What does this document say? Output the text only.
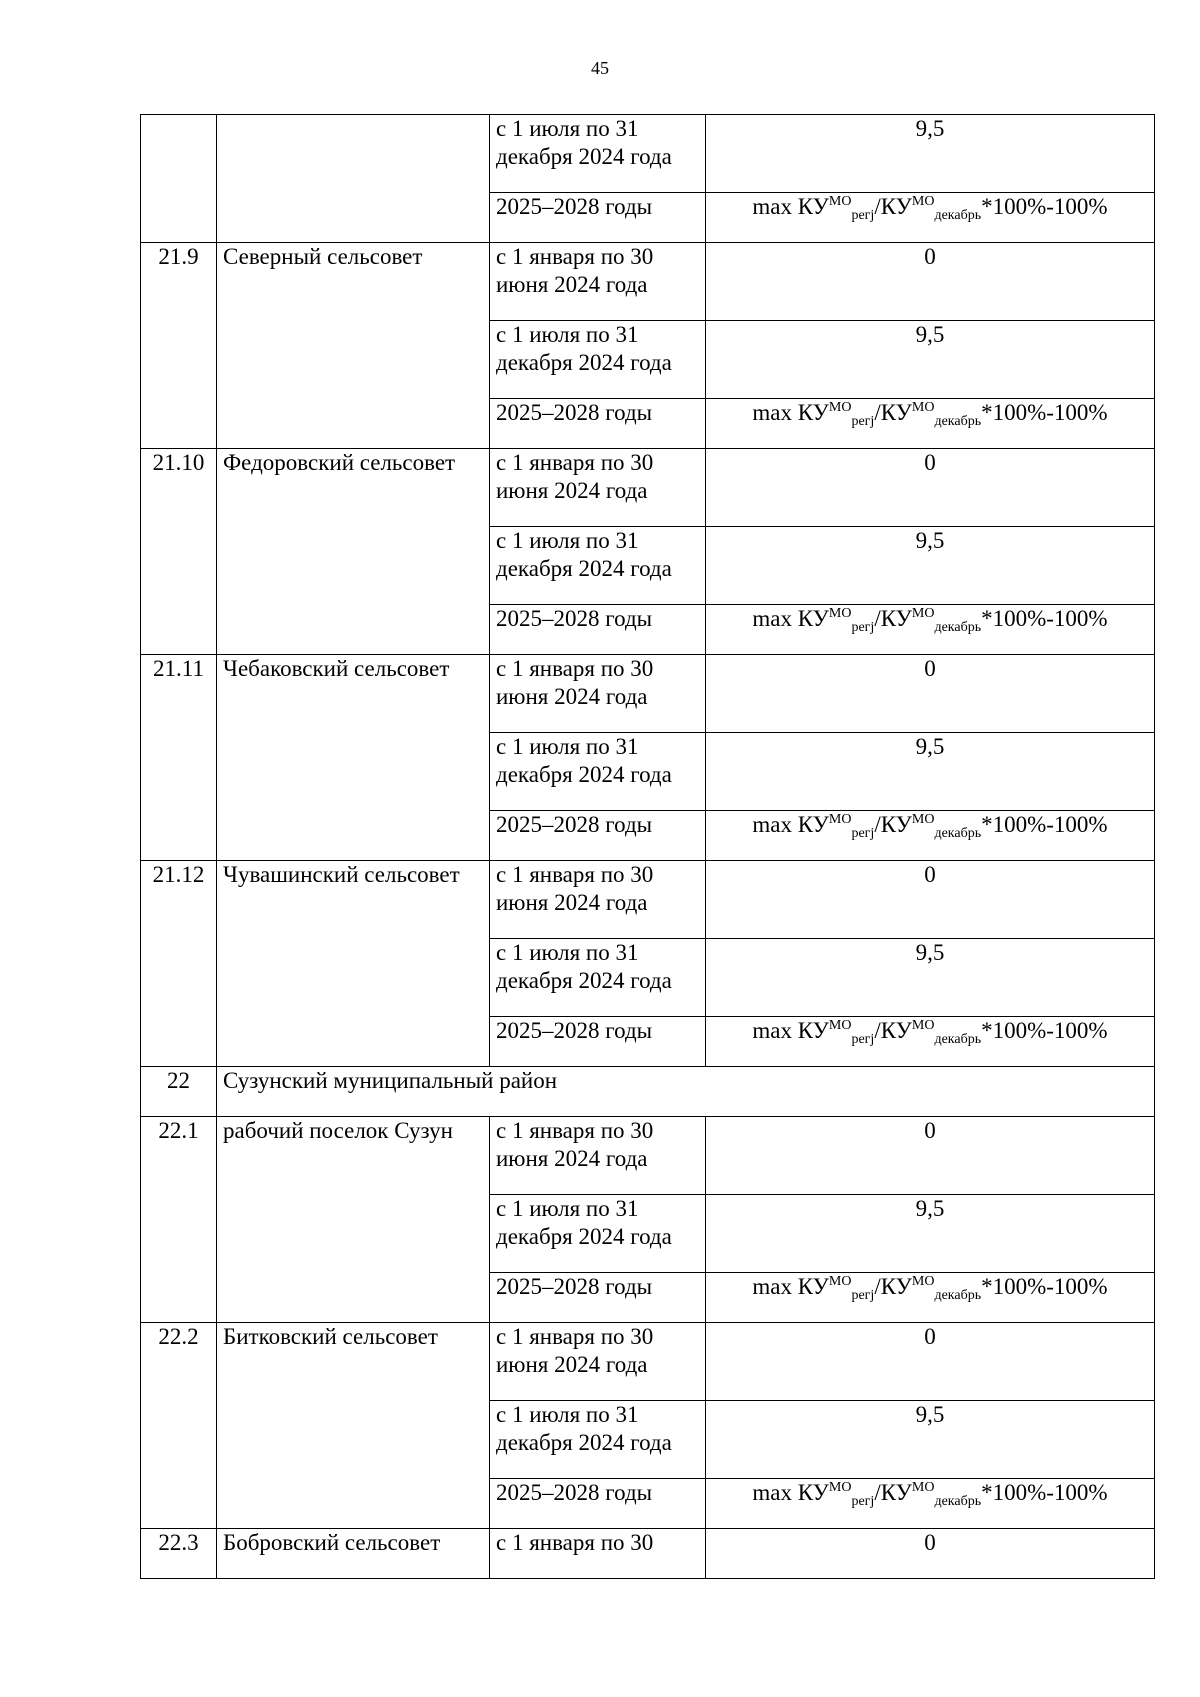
45
		с 1 июля по 31 декабря 2024 года	9,5
		2025–2028 годы	$\max КУ^{МО}_{регj}/КУ^{МО}_{декабрь}*100\%-100\%$
21.9	Северный сельсовет	с 1 января по 30 июня 2024 года	0
		с 1 июля по 31 декабря 2024 года	9,5
		2025–2028 годы	$\max КУ^{МО}_{регj}/КУ^{МО}_{декабрь}*100\%-100\%$
21.10	Федоровский сельсовет	с 1 января по 30 июня 2024 года	0
		с 1 июля по 31 декабря 2024 года	9,5
		2025–2028 годы	$\max КУ^{МО}_{регj}/КУ^{МО}_{декабрь}*100\%-100\%$
21.11	Чебаковский сельсовет	с 1 января по 30 июня 2024 года	0
		с 1 июля по 31 декабря 2024 года	9,5
		2025–2028 годы	$\max КУ^{МО}_{регj}/КУ^{МО}_{декабрь}*100\%-100\%$
21.12	Чувашинский сельсовет	с 1 января по 30 июня 2024 года	0
		с 1 июля по 31 декабря 2024 года	9,5
		2025–2028 годы	$\max КУ^{МО}_{регj}/КУ^{МО}_{декабрь}*100\%-100\%$
22	Сузунский муниципальный район		
22.1	рабочий поселок Сузун	с 1 января по 30 июня 2024 года	0
		с 1 июля по 31 декабря 2024 года	9,5
		2025–2028 годы	$\max КУ^{МО}_{регj}/КУ^{МО}_{декабрь}*100\%-100\%$
22.2	Битковский сельсовет	с 1 января по 30 июня 2024 года	0
		с 1 июля по 31 декабря 2024 года	9,5
		2025–2028 годы	$\max КУ^{МО}_{регj}/КУ^{МО}_{декабрь}*100\%-100\%$
22.3	Бобровский сельсовет	с 1 января по 30	0
